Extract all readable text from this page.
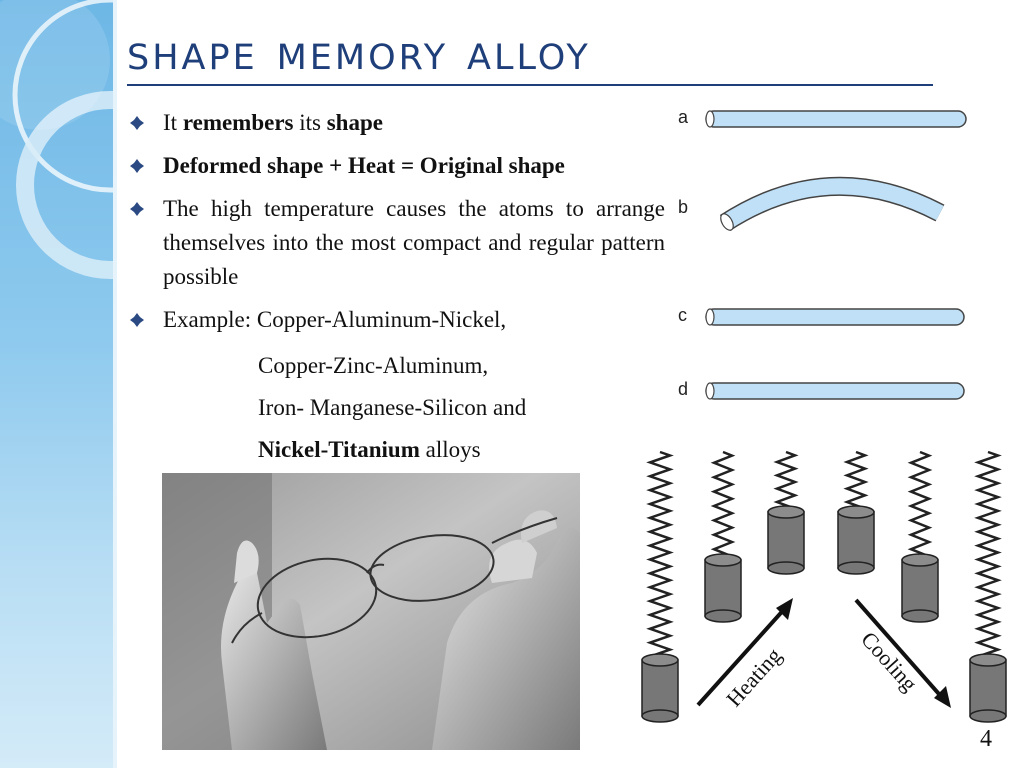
shape memory alloy
It remembers its shape
Deformed shape + Heat = Original shape
The high temperature causes the atoms to arrange themselves into the most compact and regular pattern possible
Example: Copper-Aluminum-Nickel,
Copper-Zinc-Aluminum,
Iron- Manganese-Silicon and
Nickel-Titanium alloys
a
b
c
d
Heating	Cooling
4
